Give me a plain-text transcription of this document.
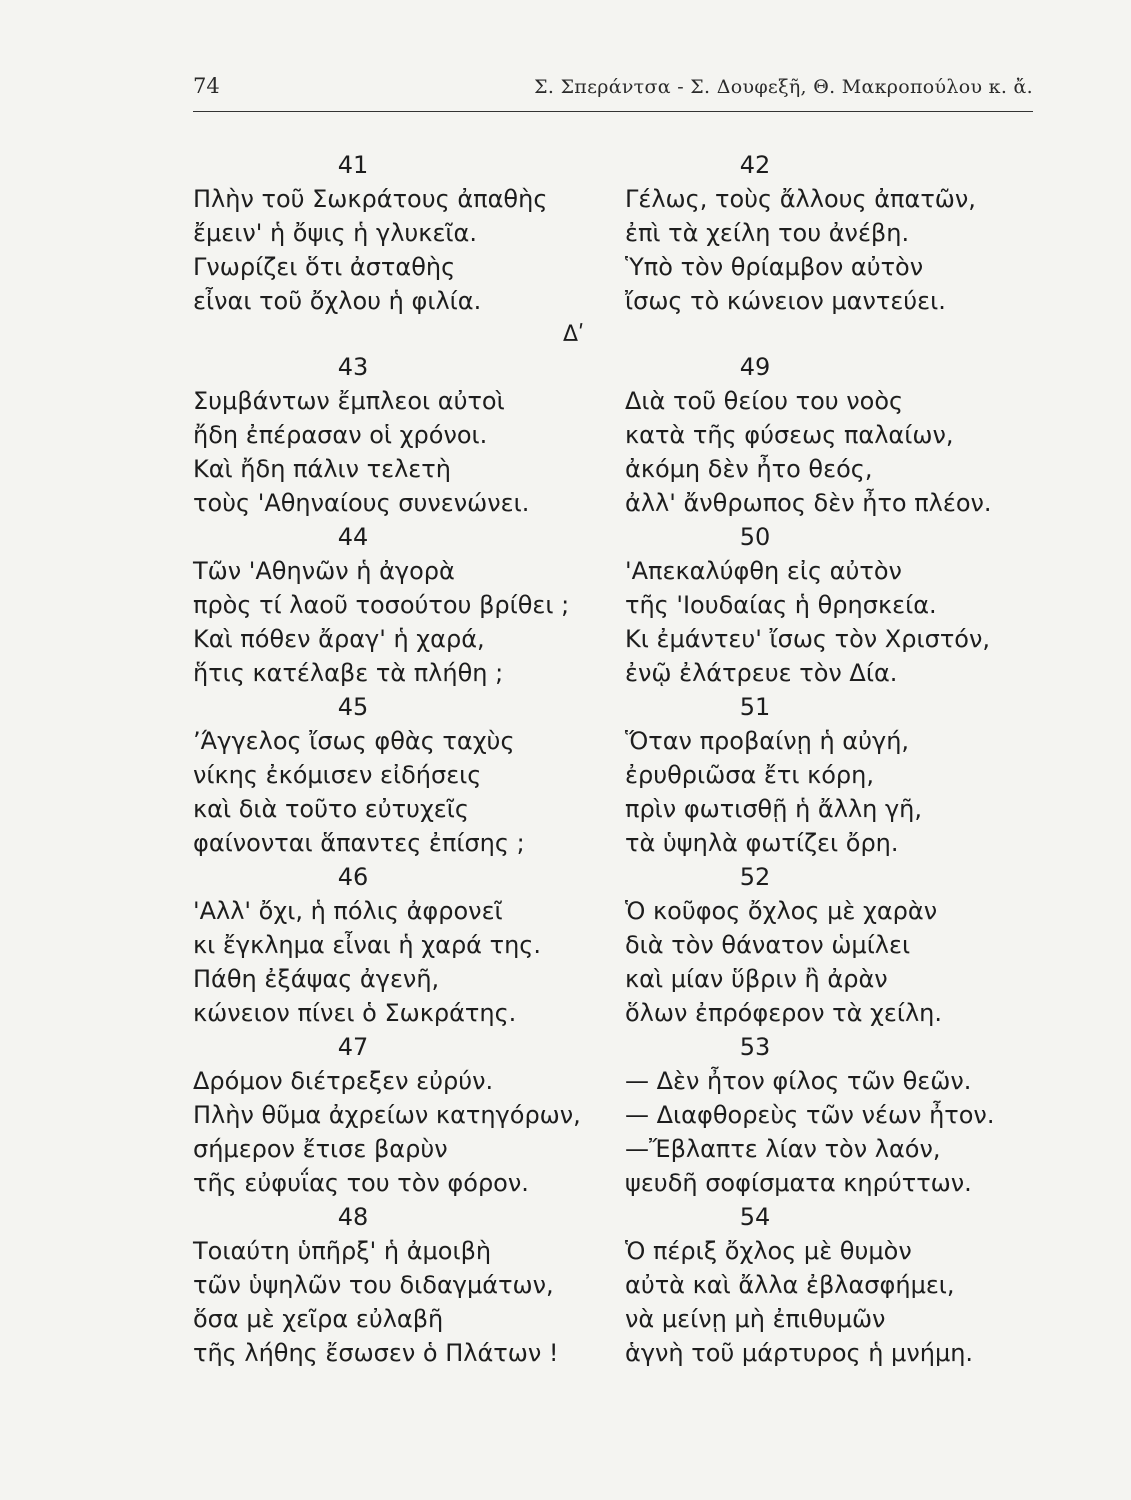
74	Σ. Σπεράντσα - Σ. Δουφεξῆ, Θ. Μακροπούλου κ. ἄ.
Δʹ
41
Πλὴν τοῦ Σωκράτους ἀπαθὴς
ἔμειν' ἡ ὄψις ἡ γλυκεῖα.
Γνωρίζει ὅτι ἀσταθὴς
εἶναι τοῦ ὄχλου ἡ φιλία.
43
Συμβάντων ἔμπλεοι αὐτοὶ
ἤδη ἐπέρασαν οἱ χρόνοι.
Καὶ ἤδη πάλιν τελετὴ
τοὺς 'Αθηναίους συνενώνει.
44
Τῶν 'Αθηνῶν ἡ ἀγορὰ
πρὸς τί λαοῦ τοσούτου βρίθει ;
Καὶ πόθεν ἄραγ' ἡ χαρά,
ἥτις κατέλαβε τὰ πλήθη ;
45
ʼΆγγελος ἴσως φθὰς ταχὺς
νίκης ἐκόμισεν εἰδήσεις
καὶ διὰ τοῦτο εὐτυχεῖς
φαίνονται ἅπαντες ἐπίσης ;
46
'Αλλ' ὄχι, ἡ πόλις ἀφρονεῖ
κι ἔγκλημα εἶναι ἡ χαρά της.
Πάθη ἐξάψας ἀγενῆ,
κώνειον πίνει ὁ Σωκράτης.
47
Δρόμον διέτρεξεν εὐρύν.
Πλὴν θῦμα ἀχρείων κατηγόρων,
σήμερον ἔτισε βαρὺν
τῆς εὐφυΐας του τὸν φόρον.
48
Τοιαύτη ὑπῆρξ' ἡ ἀμοιβὴ
τῶν ὑψηλῶν του διδαγμάτων,
ὅσα μὲ χεῖρα εὐλαβῆ
τῆς λήθης ἔσωσεν ὁ Πλάτων !
42
Γέλως, τοὺς ἄλλους ἀπατῶν,
ἐπὶ τὰ χείλη του ἀνέβη.
Ὑπὸ τὸν θρίαμβον αὐτὸν
ἴσως τὸ κώνειον μαντεύει.
49
Διὰ τοῦ θείου του νοὸς
κατὰ τῆς φύσεως παλαίων,
ἀκόμη δὲν ἦτο θεός,
ἀλλ' ἄνθρωπος δὲν ἦτο πλέον.
50
'Απεκαλύφθη εἰς αὐτὸν
τῆς 'Ιουδαίας ἡ θρησκεία.
Κι ἐμάντευ' ἴσως τὸν Χριστόν,
ἐνῷ ἐλάτρευε τὸν Δία.
51
Ὅταν προβαίνῃ ἡ αὐγή,
ἐρυθριῶσα ἔτι κόρη,
πρὶν φωτισθῇ ἡ ἄλλη γῆ,
τὰ ὑψηλὰ φωτίζει ὄρη.
52
Ὁ κοῦφος ὄχλος μὲ χαρὰν
διὰ τὸν θάνατον ὡμίλει
καὶ μίαν ὕβριν ἢ ἀρὰν
ὅλων ἐπρόφερον τὰ χείλη.
53
— Δὲν ἦτον φίλος τῶν θεῶν.
— Διαφθορεὺς τῶν νέων ἦτον.
—Ἔβλαπτε λίαν τὸν λαόν,
ψευδῆ σοφίσματα κηρύττων.
54
Ὁ πέριξ ὄχλος μὲ θυμὸν
αὐτὰ καὶ ἄλλα ἐβλασφήμει,
νὰ μείνῃ μὴ ἐπιθυμῶν
ἁγνὴ τοῦ μάρτυρος ἡ μνήμη.
